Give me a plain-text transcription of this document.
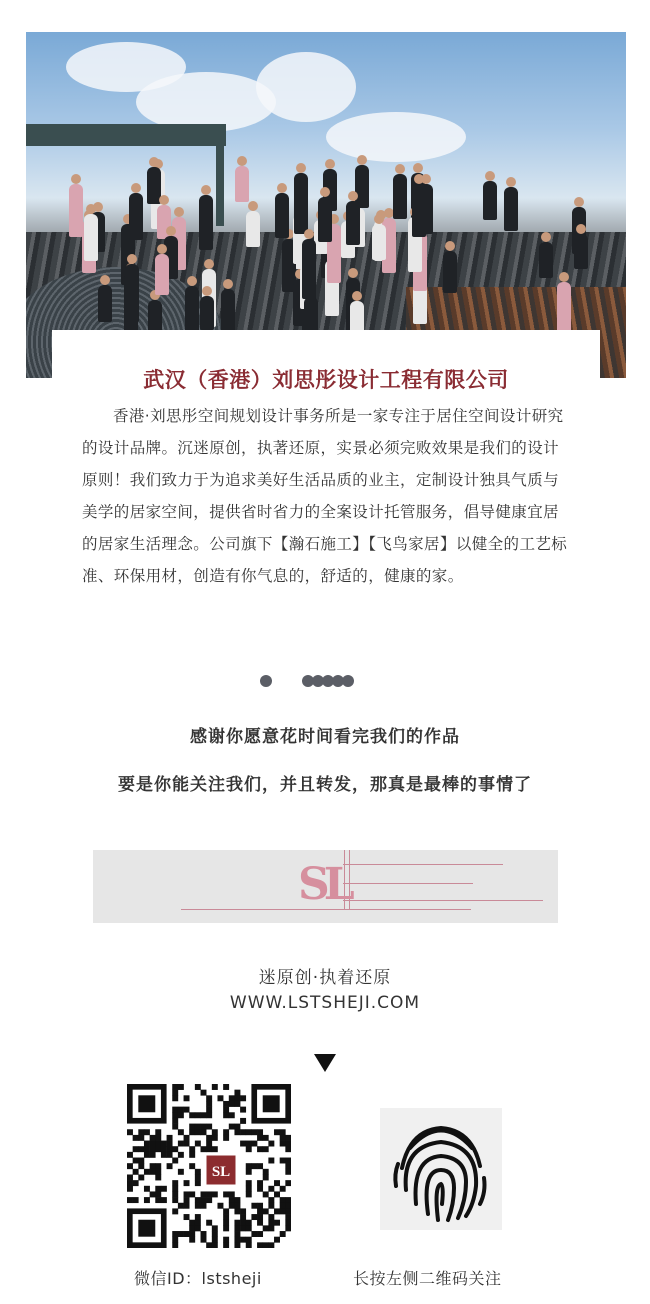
武汉（香港）刘思彤设计工程有限公司
香港·刘思彤空间规划设计事务所是一家专注于居住空间设计研究的设计品牌。沉迷原创，执著还原，实景必须完败效果是我们的设计原则！我们致力于为追求美好生活品质的业主，定制设计独具气质与美学的居家空间，提供省时省力的全案设计托管服务，倡导健康宜居的居家生活理念。公司旗下【瀚石施工】【飞鸟家居】以健全的工艺标准、环保用材，创造有你气息的，舒适的，健康的家。
感谢你愿意花时间看完我们的作品
要是你能关注我们，并且转发，那真是最棒的事情了
SL
迷原创·执着还原
WWW.LSTSHEJI.COM
SL
微信ID：lstsheji	长按左侧二维码关注
